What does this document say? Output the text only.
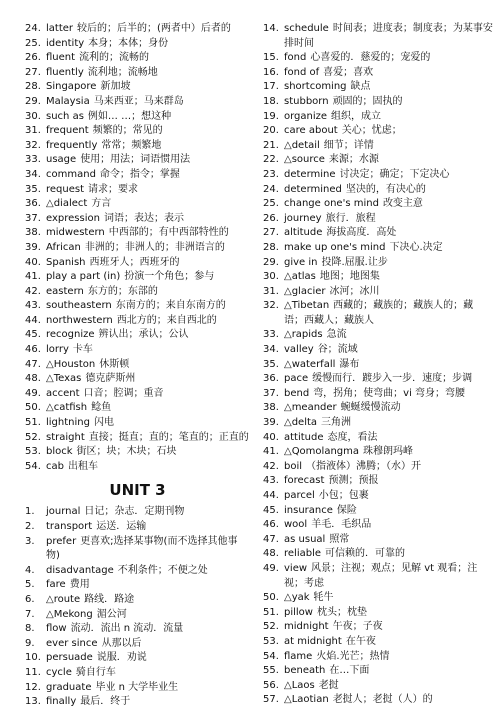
24. latter 较后的；后半的；(两者中）后者的
25. identity 本身；本体；身份
26. fluent 流利的；流畅的
27. fluently 流利地；流畅地
28. Singapore 新加坡
29. Malaysia 马来西亚；马来群岛
30. such as 例如… …；想这种
31. frequent 频繁的；常见的
32. frequently 常常；频繁地
33. usage 使用；用法；词语惯用法
34. command 命令；指令；掌握
35. request 请求；要求
36. △dialect 方言
37. expression 词语；表达；表示
38. midwestern 中西部的；有中西部特性的
39. African 非洲的；非洲人的；非洲语言的
40. Spanish 西班牙人；西班牙的
41. play a part (in) 扮演一个角色；参与
42. eastern 东方的；东部的
43. southeastern 东南方的；来自东南方的
44. northwestern 西北方的；来自西北的
45. recognize 辨认出；承认；公认
46. lorry 卡车
47. △Houston 休斯顿
48. △Texas 德克萨斯州
49. accent 口音；腔调；重音
50. △catfish 鲶鱼
51. lightning 闪电
52. straight 直接；挺直；直的；笔直的；正直的
53. block 街区；块；木块；石块
54. cab 出租车
UNIT 3
1.	journal 日记；杂志．定期刊物
2.	transport 运送．运输
3.	prefer 更喜欢;选择某事物(而不选择其他事物)
4.	disadvantage 不利条件；不便之处
5.	fare 费用
6.	△route 路线．路途
7.	△Mekong 湄公河
8.	flow 流动．流出 n 流动．流量
9.	ever since 从那以后
10. persuade 说服．劝说
11. cycle 骑自行车
12. graduate 毕业 n 大学毕业生
13. finally 最后．终于
14. schedule 时间表；进度表；制度表；为某事安排时间
15. fond 心喜爱的．慈爱的；宠爱的
16. fond of 喜爱；喜欢
17. shortcoming 缺点
18. stubborn 顽固的；固执的
19. organize 组织，成立
20. care about 关心；忧虑；
21. △detail 细节；详情
22. △source 来源；水源
23. determine 讨决定；确定；下定决心
24. determined 坚决的，有决心的
25. change one's mind 改变主意
26. journey 旅行．旅程
27. altitude 海拔高度．高处
28. make up one's mind 下决心.决定
29. give in 投降.屈服.让步
30. △atlas 地图；地图集
31. △glacier 冰河；冰川
32. △Tibetan 西藏的；藏族的；藏族人的；藏语；西藏人；藏族人
33. △rapids 急流
34. valley 谷；流域
35. △waterfall 瀑布
36. pace 缓慢而行．踱步入一步．速度；步调
37. bend 弯，拐角；使弯曲；vi 弯身；弯腰
38. △meander 蜿蜒缓慢流动
39. △delta 三角洲
40. attitude 态度，看法
41. △Qomolangma 珠穆朗玛峰
42. boil （指液体）沸腾；（水）开
43. forecast 预测；预报
44. parcel 小包；包裹
45. insurance 保险
46. wool 羊毛．毛织品
47. as usual 照常
48. reliable 可信赖的．可靠的
49. view 风景；注视；观点；见解 vt 观看；注视；考虑
50. △yak 牦牛
51. pillow 枕头；枕垫
52. midnight 午夜；子夜
53. at midnight 在午夜
54. flame 火焰.光芒；热情
55. beneath 在…下面
56. △Laos 老挝
57. △Laotian 老挝人；老挝（人）的
